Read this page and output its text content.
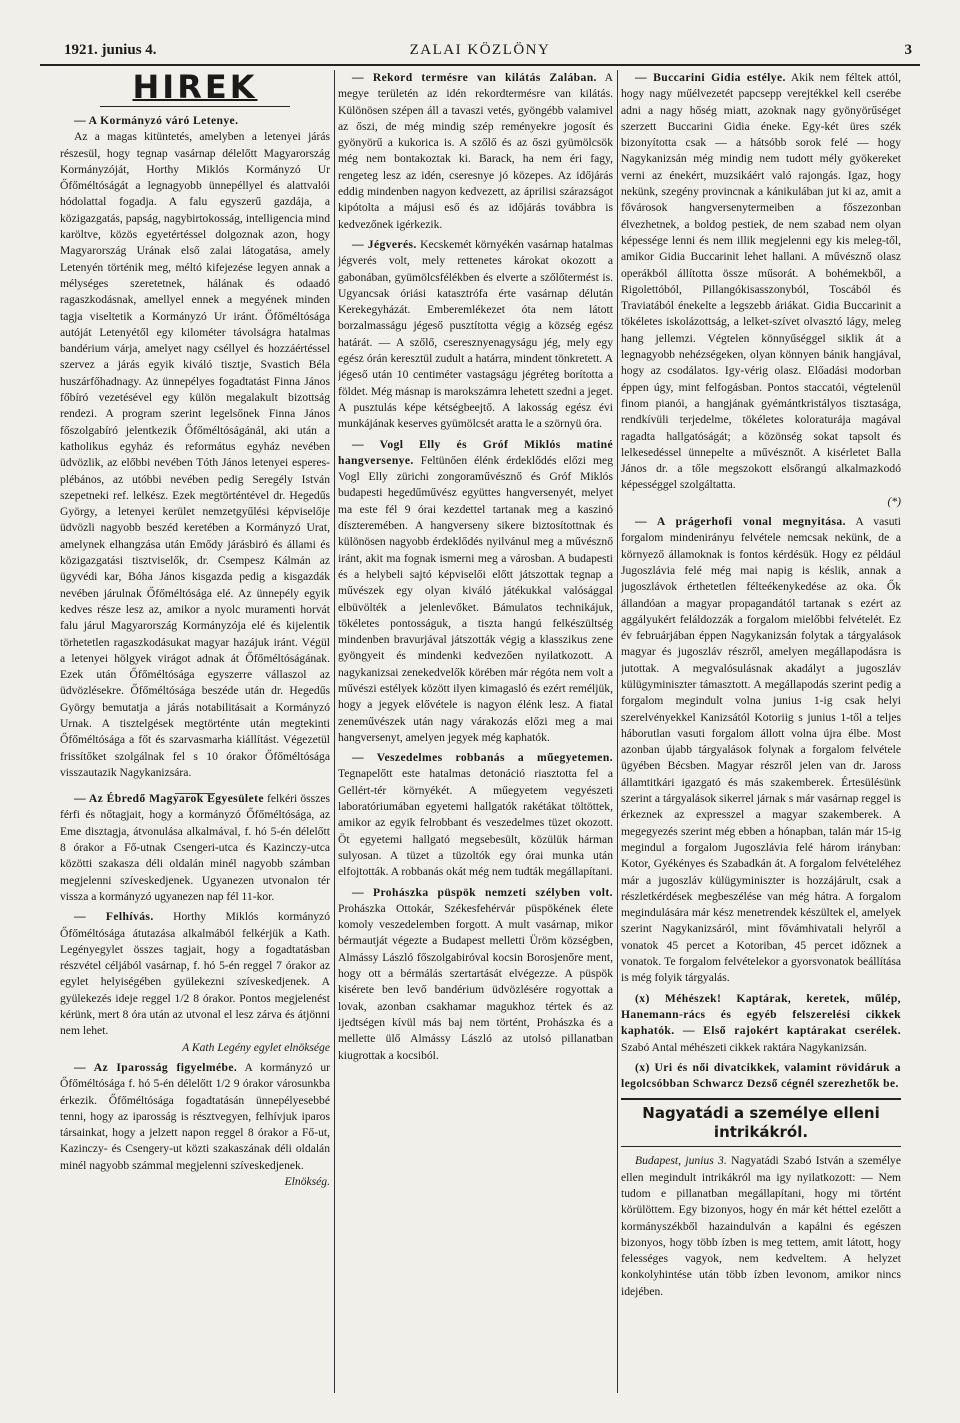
1921. junius 4.	ZALAI KÖZLÖNY	3
HIREK

— A Kormányzó váró Letenye.

Az a magas kitüntetés, amelyben a letenyei járás részesül, hogy tegnap vasárnap délelőtt Magyarország Kormányzóját, Horthy Miklós Kormányzó Ur Őfőméltóságát a legnagyobb ünnepéllyel és alattvalói hódolattal fogadja. A falu egyszerű gazdája, a közigazgatás, papság, nagybirtokosság, intelligencia mind karöltve, közös egyetértéssel dolgoznak azon, hogy Magyarország Urának első zalai látogatása, amely Letenyén történik meg, méltó kifejezése legyen annak a mélységes szeretetnek, hálának és odaadó ragaszkodásnak, amellyel ennek a megyének minden tagja viseltetik a Kormányzó Ur iránt. Őfőméltósága autóját Letenyétől egy kilométer távolságra hatalmas bandérium várja, amelyet nagy cséllyel és hozzáértéssel szervez a járás egyik kiváló tisztje, Svastich Béla huszárfőhadnagy. Az ünnepélyes fogadtatást Finna János főbíró vezetésével egy külön megalakult bizottság rendezi. A program szerint legelsőnek Finna János főszolgabíró jelentkezik Őfőméltóságánál, aki után a katholikus egyház és református egyház nevében üdvözlik, az előbbi nevében Tóth János letenyei esperes-plébános, az utóbbi nevében pedig Seregély István szepetneki ref. lelkész. Ezek megtörténtével dr. Hegedűs György, a letenyei kerület nemzetgyűlési képviselője üdvözli nagyobb beszéd keretében a Kormányzó Urat, amelynek elhangzása után Emődy járásbiró és állami és közigazgatási tisztviselők, dr. Csempesz Kálmán az ügyvédi kar, Bóha János kisgazda pedig a kisgazdák nevében járulnak Őfőméltósága elé. Az ünnepély egyik kedves része lesz az, amikor a nyolc muramenti horvát falu járul Magyarország Kormányzója elé és kijelentik törhetetlen ragaszkodásukat magyar hazájuk iránt. Végül a letenyei hölgyek virágot adnak át Őfőméltóságának. Ezek után Őfőméltósága egyszerre vállaszol az üdvözlésekre. Őfőméltósága beszéde után dr. Hegedűs György bemutatja a járás notabilitásait a Kormányzó Urnak. A tisztelgések megtörténte után megtekinti Őfőméltósága a főt és szarvasmarha kiállítást. Végezetül frissítőket szolgálnak fel s 10 órakor Őfőméltósága visszautazik Nagykanizsára.

— Az Ébredő Magyarok Egyesülete felkéri összes férfi és nőtagjait, hogy a kormányzó Őfőméltósága, az Eme disztagja, átvonulása alkalmával, f. hó 5-én délelőtt 8 órakor a Fő-utnak Csengeri-utca és Kazinczy-utca közötti szakasza déli oldalán minél nagyobb számban megjelenni szíveskedjenek. Ugyanezen utvonalon tér vissza a kormányzó ugyanezen nap fél 11-kor.

— Felhívás. Horthy Miklós kormányzó Őfőméltósága átutazása alkalmából felkérjük a Kath. Legényegylet összes tagjait, hogy a fogadtatásban részvétel céljából vasárnap, f. hó 5-én reggel 7 órakor az egylet helyiségében gyülekezni szíveskedjenek. A gyülekezés ideje reggel 1/2 8 órakor. Pontos megjelenést kérünk, mert 8 óra után az utvonal el lesz zárva és átjönni nem lehet.

A Kath Legény egylet elnöksége

— Az Iparosság figyelmébe. A kormányzó ur Őfőméltósága f. hó 5-én délelőtt 1/2 9 órakor városunkba érkezik. Őfőméltósága fogadtatásán ünnepélyesebbé tenni, hogy az iparosság is résztvegyen, felhívjuk iparos társainkat, hogy a jelzett napon reggel 8 órakor a Fő-ut, Kazinczy- és Csengery-ut közti szakaszának déli oldalán minél nagyobb számmal megjelenni szíveskedjenek.

Elnökség.

— Rekord termésre van kilátás Zalában. A megye területén az idén rekordtermésre van kilátás. Különösen szépen áll a tavaszi vetés, gyöngébb valamivel az őszi, de még mindig szép reményekre jogosít és gyönyörű a kukorica is. A szőlő és az őszi gyümölcsök még nem bontakoztak ki. Barack, ha nem éri fagy, rengeteg lesz az idén, cseresnye jó közepes. Az időjárás eddig mindenben nagyon kedvezett, az áprilisi szárazságot kipótolta a májusi eső és az időjárás továbbra is kedvezőnek igérkezik.

— Jégverés. Kecskemét környékén vasárnap hatalmas jégverés volt, mely rettenetes károkat okozott a gabonában, gyümölcsfélékben és elverte a szőlőtermést is. Ugyancsak óriási katasztrófa érte vasárnap délután Kerekegyházát. Emberemlékezet óta nem látott borzalmasságu jégeső pusztította végig a község egész határát. — A szőlő, cseresznyenagyságu jég, mely egy egész órán keresztül zudult a határra, mindent tönkretett. A jégeső után 10 centiméter vastagságu jégréteg borította a földet. Még másnap is marokszámra lehetett szedni a jeget. A pusztulás képe kétségbeejtő. A lakosság egész évi munkájának keserves gyümölcsét aratta le a szörnyü óra.

— Vogl Elly és Gróf Miklós matiné hangversenye. Feltünően élénk érdeklődés előzi meg Vogl Elly zürichi zongoraművésznő és Gróf Miklós budapesti hegedűművész együttes hangversenyét, melyet ma este fél 9 órai kezdettel tartanak meg a kaszinó díszteremében. A hangverseny sikere biztosítottnak és különösen nagyobb érdeklődés nyilvánul meg a művésznő iránt, akit ma fognak ismerni meg a városban. A budapesti és a helybeli sajtó képviselői előtt játszottak tegnap a művészek egy olyan kiváló játékukkal valósággal elbüvölték a jelenlevőket. Bámulatos technikájuk, tökéletes pontosságuk, a tiszta hangú felkészültség mindenben bravurjával játszották végig a klasszikus zene gyöngyeit és mindenki kedvezően nyilatkozott. A nagykanizsai zenekedvelők körében már régóta nem volt a művészi estélyek között ilyen kimagasló és ezért reméljük, hogy a jegyek elővétele is nagyon élénk lesz. A fiatal zeneművészek után nagy várakozás előzi meg a mai hangversenyt, amelyen jegyek még kaphatók.

— Veszedelmes robbanás a műegyetemen. Tegnapelőtt este hatalmas detonáció riasztotta fel a Gellért-tér környékét. A műegyetem vegyészeti laboratóriumában egyetemi hallgatók rakétákat töltöttek, amikor az egyik felrobbant és veszedelmes tüzet okozott. Öt egyetemi hallgató megsebesült, közülük hárman sulyosan. A tüzet a tüzoltók egy órai munka után elfojtották. A robbanás okát még nem tudták megállapítani.

— Prohászka püspök nemzeti szélyben volt. Prohászka Ottokár, Székesfehérvár püspökének élete komoly veszedelemben forgott. A mult vasárnap, mikor bérmautját végezte a Budapest melletti Üröm községben, Almássy László főszolgabiróval kocsin Borosjenőre ment, hogy ott a bérmálás szertartását elvégezze. A püspök kisérete ben levő bandérium üdvözlésére rogyottak a lovak, azonban csakhamar magukhoz tértek és az ijedtségen kívül más baj nem történt, Prohászka és a mellette ülő Almássy László az utolsó pillanatban kiugrottak a kocsiból.

— Buccarini Gidia estélye. Akik nem féltek attól, hogy nagy műélvezetét papcsepp verejtékkel kell cserébe adni a nagy hőség miatt, azoknak nagy gyönyörűséget szerzett Buccarini Gidia éneke. Egy-két üres szék bizonyította csak — a hátsóbb sorok felé — hogy Nagykanizsán még mindig nem tudott mély gyökereket verni az énekért, muzsikáért való rajongás. Igaz, hogy nekünk, szegény provincnak a kánikulában jut ki az, amit a fővárosok hangversenytermeiben a főszezonban élvezhetnek, a boldog pestiek, de nem szabad nem olyan képessége lenni és nem illik megjelenni egy kis meleg-től, amikor Gidia Buccarinit lehet hallani. A művésznő olasz operákból állította össze műsorát. A bohémekből, a Rigolettóból, Pillangókisasszonyból, Toscából és Traviatából énekelte a legszebb áriákat. Gidia Buccarinit a tökéletes iskolázottság, a lelket-szívet olvasztó lágy, meleg hang jellemzi. Végtelen könnyűséggel siklik át a legnagyobb nehézségeken, olyan könnyen bánik hangjával, hogy az csodálatos. Igy-vérig olasz. Előadási modorban éppen úgy, mint felfogásban. Pontos staccatói, végtelenül finom pianói, a hangjának gyémántkristályos tisztasága, rendkívüli terjedelme, tökéletes koloraturája magával ragadta hallgatóságát; a közönség sokat tapsolt és lelkesedéssel ünnepelte a művésznőt. A kisérletet Balla János dr. a tőle megszokott elsőrangú alkalmazkodó képességgel szolgáltatta.

(*)

— A prágerhofi vonal megnyitása. A vasuti forgalom mindenirányu felvétele nemcsak nekünk, de a környező államoknak is fontos kérdésük. Hogy ez például Jugoszlávia felé még mai napig is késlik, annak a jugoszlávok érthetetlen félteékenykedése az oka. Ők állandóan a magyar propagandától tartanak s ezért az aggályukért feláldozzák a forgalom mielőbbi felvételét. Ez év februárjában éppen Nagykanizsán folytak a tárgyalások magyar és jugoszláv részről, amelyen megállapodásra is jutottak. A megvalósulásnak akadályt a jugoszláv külügyminiszter támasztott. A megállapodás szerint pedig a forgalom megindult volna junius 1-ig csak helyi szerelvényekkel Kanizsától Kotoriig s junius 1-től a teljes háborutlan vasuti forgalom állott volna újra élbe. Most azonban újabb tárgyalások folynak a forgalom felvétele ügyében Bécsben. Magyar részről jelen van dr. Jaross államtitkári igazgató és más szakemberek. Értesülésünk szerint a tárgyalások sikerrel járnak s már vasárnap reggel is érkeznek az expresszel a magyar szakemberek. A megegyezés szerint még ebben a hónapban, talán már 15-ig megindul a forgalom Jugoszlávia felé három irányban: Kotor, Gyékényes és Szabadkán át. A forgalom felvételéhez már a jugoszláv külügyminiszter is hozzájárult, csak a részletkérdések megbeszélése van még hátra. A forgalom megindulására már kész menetrendek készültek el, amelyek szerint Nagykanizsáról, mint fővámhivatali helyről a vonatok 45 percet a Kotoriban, 45 percet időznek a vonatok. Te forgalom felvételekor a gyorsvonatok beállítása is még folyik tárgyalás.

(x) Méhészek! Kaptárak, keretek, műlép, Hanemann-rács és egyéb felszerelési cikkek kaphatók. — Első rajokért kaptárakat cserélek. Szabó Antal méhészeti cikkek raktára Nagykanizsán.

(x) Uri és női divatcikkek, valamint rövidáruk a legolcsóbban Schwarcz Dezső cégnél szerezhetők be.

Nagyatádi a személye elleni intrikákról.

Budapest, junius 3. Nagyatádi Szabó István a személye ellen megindult intrikákról ma igy nyilatkozott: — Nem tudom e pillanatban megállapítani, hogy mi történt körülöttem. Egy bizonyos, hogy én már két héttel ezelőtt a kormányszékből hazaindulván a kapálni és egészen bizonyos, hogy több ízben is meg tettem, amit látott, hogy felességes vagyok, nem kedveltem. A helyzet konkolyhintése után több ízben levonom, amikor nincs idejében.
